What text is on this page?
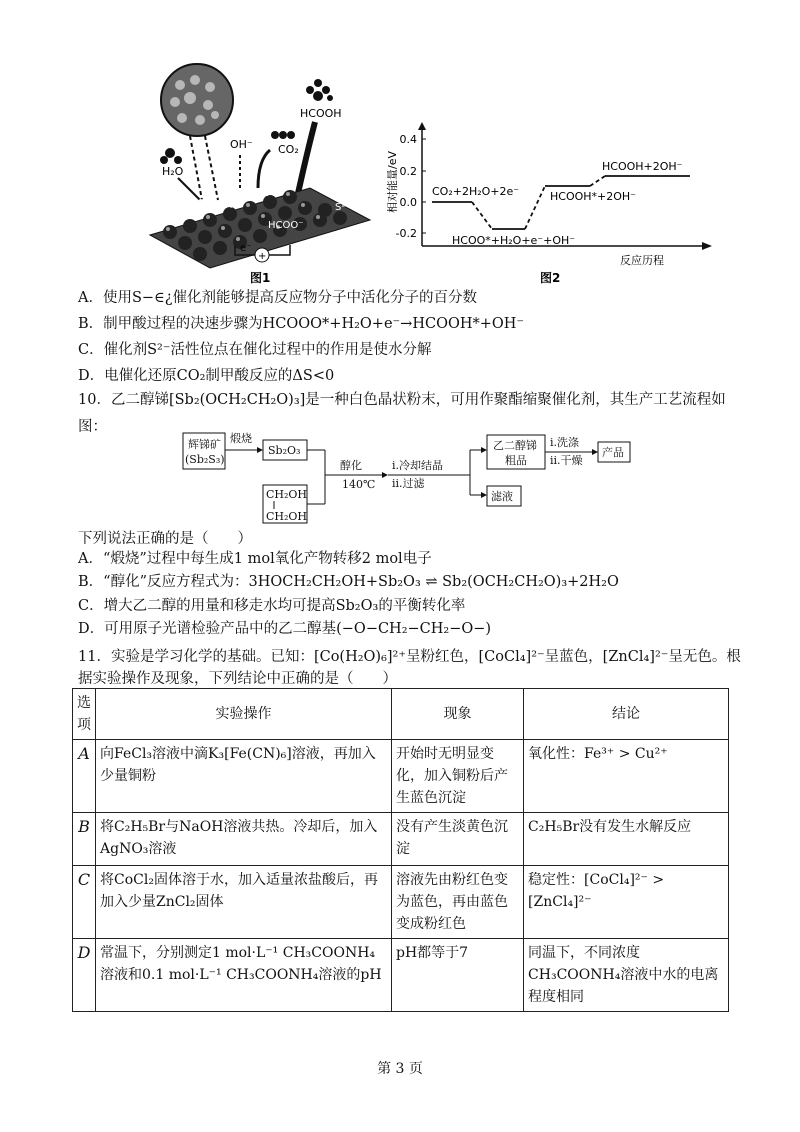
HCOOH
OH⁻ CO₂
H₂O
CO₂⁻
S²⁻ H⁺	S²⁻
HCOO⁻
+
e⁻
图1
0.4
0.2
0.0
-0.2
相对能量/eV	CO₂+2H₂O+2e⁻
HCOO*+H₂O+e⁻+OH⁻
HCOOH*+2OH⁻
HCOOH+2OH⁻
反应历程
图2
A．使用S−∈¿催化剂能够提高反应物分子中活化分子的百分数
B．制甲酸过程的决速步骤为HCOOO*+H₂O+e⁻→HCOOH*+OH⁻
C．催化剂S²⁻活性位点在催化过程中的作用是使水分解
D．电催化还原CO₂制甲酸反应的ΔS<0
10．乙二醇锑[Sb₂(OCH₂CH₂O)₃]是一种白色晶状粉末，可用作聚酯缩聚催化剂，其生产工艺流程如图：
辉锑矿
(Sb₂S₃)
煅烧
Sb₂O₃
CH₂OH
CH₂OH
醇化
140℃
ⅰ.冷却结晶
ⅱ.过滤
乙二醇锑
粗品
ⅰ.洗涤
ⅱ.干燥
产品
滤液
下列说法正确的是（　　）
A．“煅烧”过程中每生成1 mol氧化产物转移2 mol电子
B．“醇化”反应方程式为：3HOCH₂CH₂OH+Sb₂O₃ ⇌ Sb₂(OCH₂CH₂O)₃+2H₂O
C．增大乙二醇的用量和移走水均可提高Sb₂O₃的平衡转化率
D．可用原子光谱检验产品中的乙二醇基(−O−CH₂−CH₂−O−)
11．实验是学习化学的基础。已知：[Co(H₂O)₆]²⁺呈粉红色，[CoCl₄]²⁻呈蓝色，[ZnCl₄]²⁻呈无色。根
据实验操作及现象，下列结论中正确的是（　　）
选
项	实验操作	现象	结论
A	向FeCl₃溶液中滴K₃[Fe(CN)₆]溶液，再加入少量铜粉	开始时无明显变化，加入铜粉后产生蓝色沉淀	氧化性：Fe³⁺ > Cu²⁺
B	将C₂H₅Br与NaOH溶液共热。冷却后，加入AgNO₃溶液	没有产生淡黄色沉淀	C₂H₅Br没有发生水解反应
C	将CoCl₂固体溶于水，加入适量浓盐酸后，再加入少量ZnCl₂固体	溶液先由粉红色变为蓝色，再由蓝色变成粉红色	稳定性：[CoCl₄]²⁻ > [ZnCl₄]²⁻
D	常温下，分别测定1 mol·L⁻¹ CH₃COONH₄溶液和0.1 mol·L⁻¹ CH₃COONH₄溶液的pH	pH都等于7	同温下，不同浓度CH₃COONH₄溶液中水的电离程度相同
第 3 页
